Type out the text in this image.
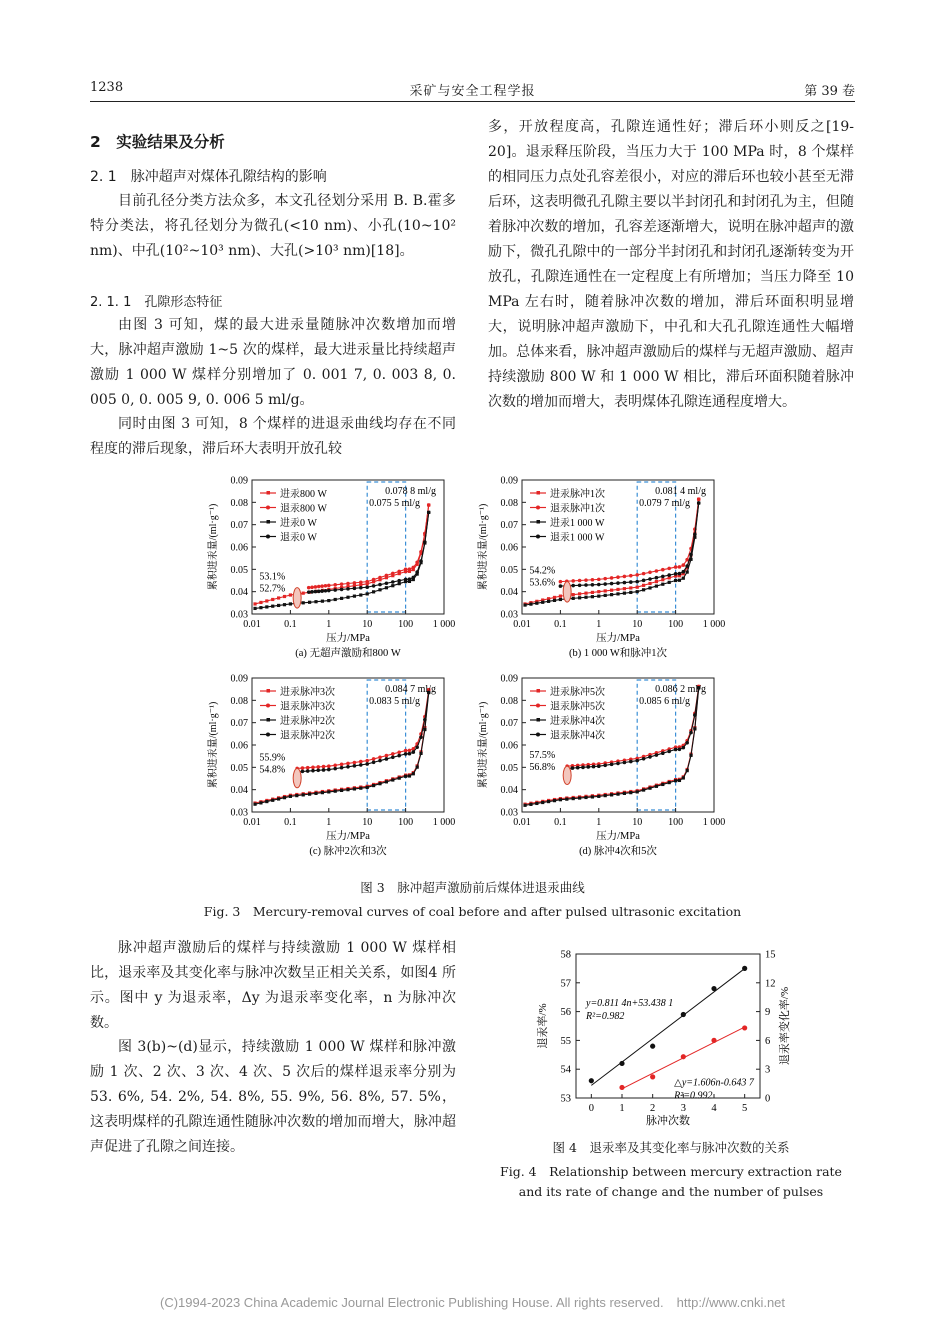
1238	采矿与安全工程学报	第 39 卷
2　实验结果及分析
2. 1　脉冲超声对煤体孔隙结构的影响
目前孔径分类方法众多，本文孔径划分采用 B. B.霍多特分类法，将孔径划分为微孔(<10 nm)、小孔(10~10² nm)、中孔(10²~10³ nm)、大孔(>10³ nm)[18]。
2. 1. 1　孔隙形态特征
由图 3 可知，煤的最大进汞量随脉冲次数增加而增大，脉冲超声激励 1~5 次的煤样，最大进汞量比持续超声激励 1 000 W 煤样分别增加了 0. 001 7, 0. 003 8, 0. 005 0, 0. 005 9, 0. 006 5 ml/g。
同时由图 3 可知，8 个煤样的进退汞曲线均存在不同程度的滞后现象，滞后环大表明开放孔较
多，开放程度高，孔隙连通性好；滞后环小则反之[19-20]。退汞释压阶段，当压力大于 100 MPa 时，8 个煤样的相同压力点处孔容差很小，对应的滞后环也较小甚至无滞后环，这表明微孔孔隙主要以半封闭孔和封闭孔为主，但随着脉冲次数的增加，孔容差逐渐增大，说明在脉冲超声的激励下，微孔孔隙中的一部分半封闭孔和封闭孔逐渐转变为开放孔，孔隙连通性在一定程度上有所增加；当压力降至 10 MPa 左右时，随着脉冲次数的增加，滞后环面积明显增大，说明脉冲超声激励下，中孔和大孔孔隙连通性大幅增加。总体来看，脉冲超声激励后的煤样与无超声激励、超声持续激励 800 W 和 1 000 W 相比，滞后环面积随着脉冲次数的增加而增大，表明煤体孔隙连通程度增大。
0.03
0.04
0.05
0.06
0.07
0.08
0.09
0.01 0.1	1	10	100 1 000
压力/MPa
累积进汞量/(ml·g⁻¹)
(a) 无超声激励和800 W
进汞800 W
退汞800 W
进汞0 W
退汞0 W
0.078 8 ml/g
0.075 5 ml/g
53.1%
52.7%
0.03
0.04
0.05
0.06
0.07
0.08
0.09
0.01 0.1	1	10	100 1 000
压力/MPa
累积进汞量/(ml·g⁻¹)
(b) 1 000 W和脉冲1次
进汞脉冲1次
退汞脉冲1次
进汞1 000 W
退汞1 000 W
0.081 4 ml/g
0.079 7 ml/g
54.2%
53.6%
0.03
0.04
0.05
0.06
0.07
0.08
0.09
0.01 0.1	1	10	100 1 000
压力/MPa
累积进汞量/(ml·g⁻¹)
(c) 脉冲2次和3次
进汞脉冲3次
退汞脉冲3次
进汞脉冲2次
退汞脉冲2次
0.084 7 ml/g
0.083 5 ml/g
55.9%
54.8%
0.03
0.04
0.05
0.06
0.07
0.08
0.09
0.01 0.1	1	10	100 1 000
压力/MPa
累积进汞量/(ml·g⁻¹)
(d) 脉冲4次和5次
进汞脉冲5次
退汞脉冲5次
进汞脉冲4次
退汞脉冲4次
0.086 2 ml/g
0.085 6 ml/g
57.5%
56.8%
图 3　脉冲超声激励前后煤体进退汞曲线
Fig. 3　Mercury-removal curves of coal before and after pulsed ultrasonic excitation
脉冲超声激励后的煤样与持续激励 1 000 W 煤样相比，退汞率及其变化率与脉冲次数呈正相关关系，如图4 所示。图中 y 为退汞率，Δy 为退汞率变化率，n 为脉冲次数。
图 3(b)~(d)显示，持续激励 1 000 W 煤样和脉冲激励 1 次、2 次、3 次、4 次、5 次后的煤样退汞率分别为 53. 6%, 54. 2%, 54. 8%, 55. 9%, 56. 8%, 57. 5%，这表明煤样的孔隙连通性随脉冲次数的增加而增大，脉冲超声促进了孔隙之间连接。
53
54
55
56
57
58
0
3
6
9
12
15
0 1 2 3 4 5
脉冲次数
退汞率/%	退汞率变化率/%
y=0.811 4n+53.438 1
R²=0.982
△y=1.606n-0.643 7
R²=0.992
图 4　退汞率及其变化率与脉冲次数的关系
Fig. 4　Relationship between mercury extraction rate
and its rate of change and the number of pulses
(C)1994-2023 China Academic Journal Electronic Publishing House. All rights reserved.　http://www.cnki.net
